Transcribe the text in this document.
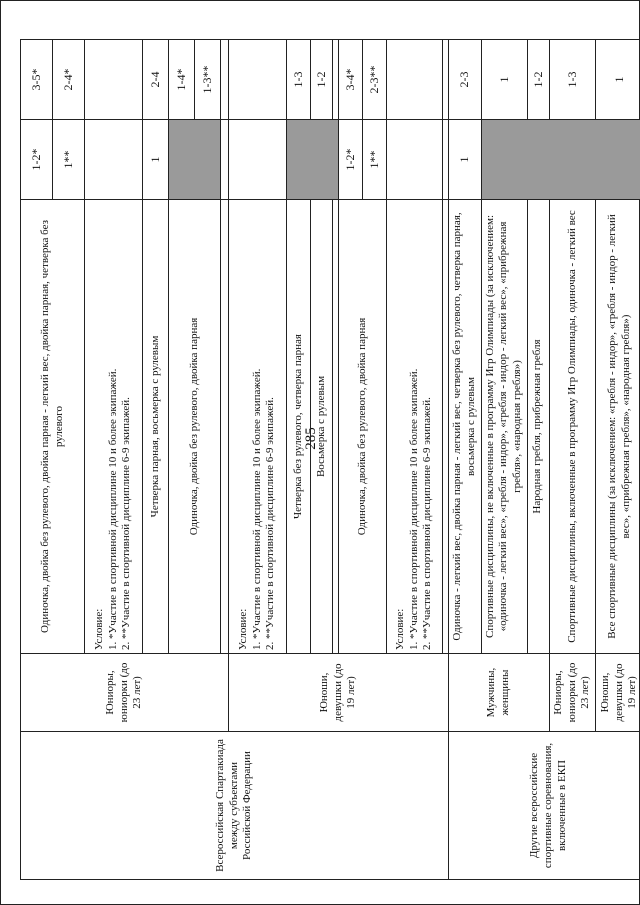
285
Всероссийская Спартакиада между субъектами Российской Федерации	Юниоры, юниорки (до 23 лет)	Одиночка, двойка без рулевого, двойка парная - легкий вес, двойка парная, четверка без рулевого	1-2*	3-5*
			1**	2-4*

		Условие: 1. *Участие в спортивной дисциплине 10 и более экипажей. 2. **Участие в спортивной дисциплине 6-9 экипажей.		

		Четверка парная, восьмерка с рулевым	1	2-4
		Одиночка, двойка без рулевого, двойка парная		1-4*
				1-3**

	Юноши, девушки (до 19 лет)	Условие: 1. *Участие в спортивной дисциплине 10 и более экипажей. 2. **Участие в спортивной дисциплине 6-9 экипажей.		

		Четверка без рулевого, четверка парная		1-3
		Восьмерка с рулевым		1-2

		Одиночка, двойка без рулевого, двойка парная	1-2*	3-4*
			1**	2-3**

		Условие: 1. *Участие в спортивной дисциплине 10 и более экипажей. 2. **Участие в спортивной дисциплине 6-9 экипажей.		

Другие всероссийские спортивные соревнования, включенные в ЕКП	Мужчины, женщины	Одиночка - легкий вес, двойка парная - легкий вес, четверка без рулевого, четверка парная, восьмерка с рулевым	1	2-3
		Спортивные дисциплины, не включенные в программу Игр Олимпиады (за исключением: «одиночка - легкий вес», «гребля - индор», «гребля - индор - легкий вес», «прибрежная гребля», «народная гребля»)		1
		Народная гребля, прибрежная гребля		1-2
	Юниоры, юниорки (до 23 лет)	Спортивные дисциплины, включенные в программу Игр Олимпиады, одиночка - легкий вес		1-3
	Юноши, девушки (до 19 лет)	Все спортивные дисциплины (за исключением: «гребля - индор», «гребля - индор - легкий вес», «прибрежная гребля», «народная гребля»)		1
